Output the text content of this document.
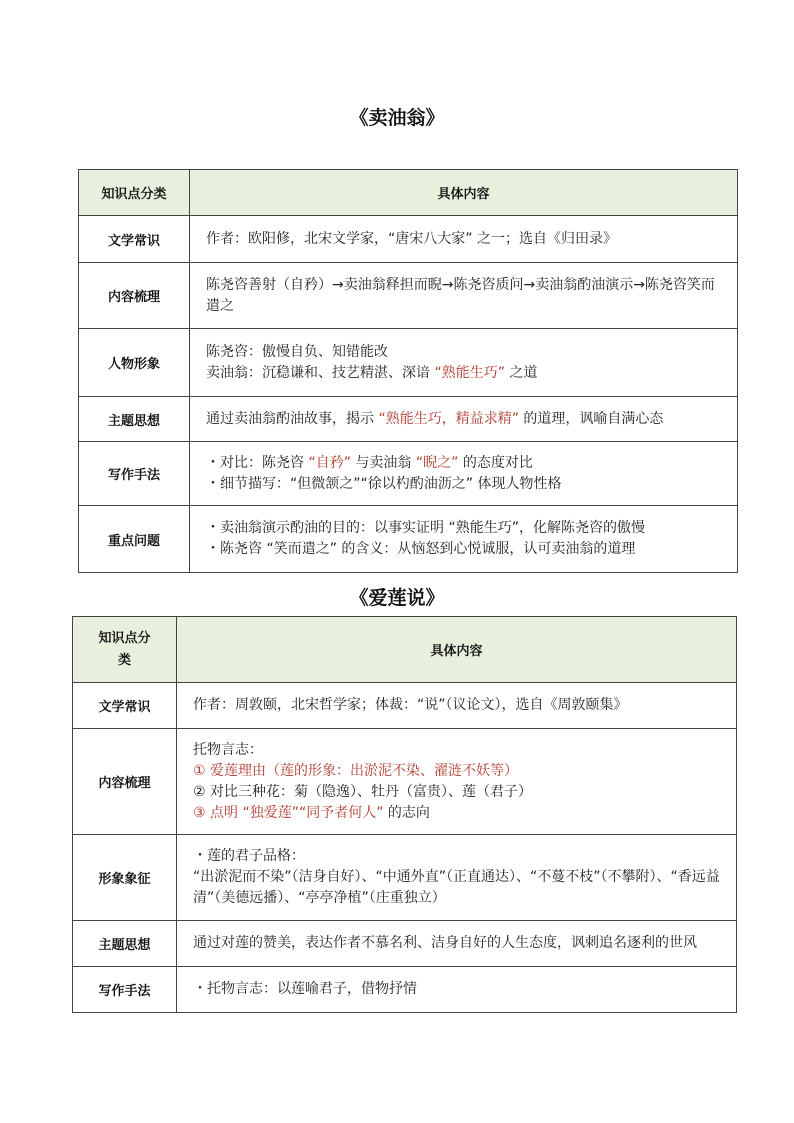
《卖油翁》
知识点分类	具体内容
文学常识	作者：欧阳修，北宋文学家，“唐宋八大家” 之一；选自《归田录》

内容梳理	陈尧咨善射（自矜）→卖油翁释担而睨→陈尧咨质问→卖油翁酌油演示→陈尧咨笑而遣之

人物形象	陈尧咨：傲慢自负、知错能改
卖油翁：沉稳谦和、技艺精湛、深谙 “熟能生巧” 之道

主题思想	通过卖油翁酌油故事，揭示 “熟能生巧，精益求精” 的道理，讽喻自满心态

写作手法	・对比：陈尧咨 “自矜” 与卖油翁 “睨之” 的态度对比
・细节描写：“但微颔之”“徐以杓酌油沥之” 体现人物性格

重点问题	・卖油翁演示酌油的目的：以事实证明 “熟能生巧”，化解陈尧咨的傲慢
・陈尧咨 “笑而遣之” 的含义：从恼怒到心悦诚服，认可卖油翁的道理
《爱莲说》
知识点分类	具体内容
文学常识	作者：周敦颐，北宋哲学家；体裁：“说”（议论文），选自《周敦颐集》

内容梳理	托物言志：
① 爱莲理由（莲的形象：出淤泥不染、濯涟不妖等）
② 对比三种花：菊（隐逸）、牡丹（富贵）、莲（君子）
③ 点明 “独爱莲”“同予者何人” 的志向

形象象征	・莲的君子品格：
“出淤泥而不染”（洁身自好）、“中通外直”（正直通达）、“不蔓不枝”（不攀附）、“香远益清”（美德远播）、“亭亭净植”（庄重独立）

主题思想	通过对莲的赞美，表达作者不慕名利、洁身自好的人生态度，讽刺追名逐利的世风

写作手法	・托物言志：以莲喻君子，借物抒情
